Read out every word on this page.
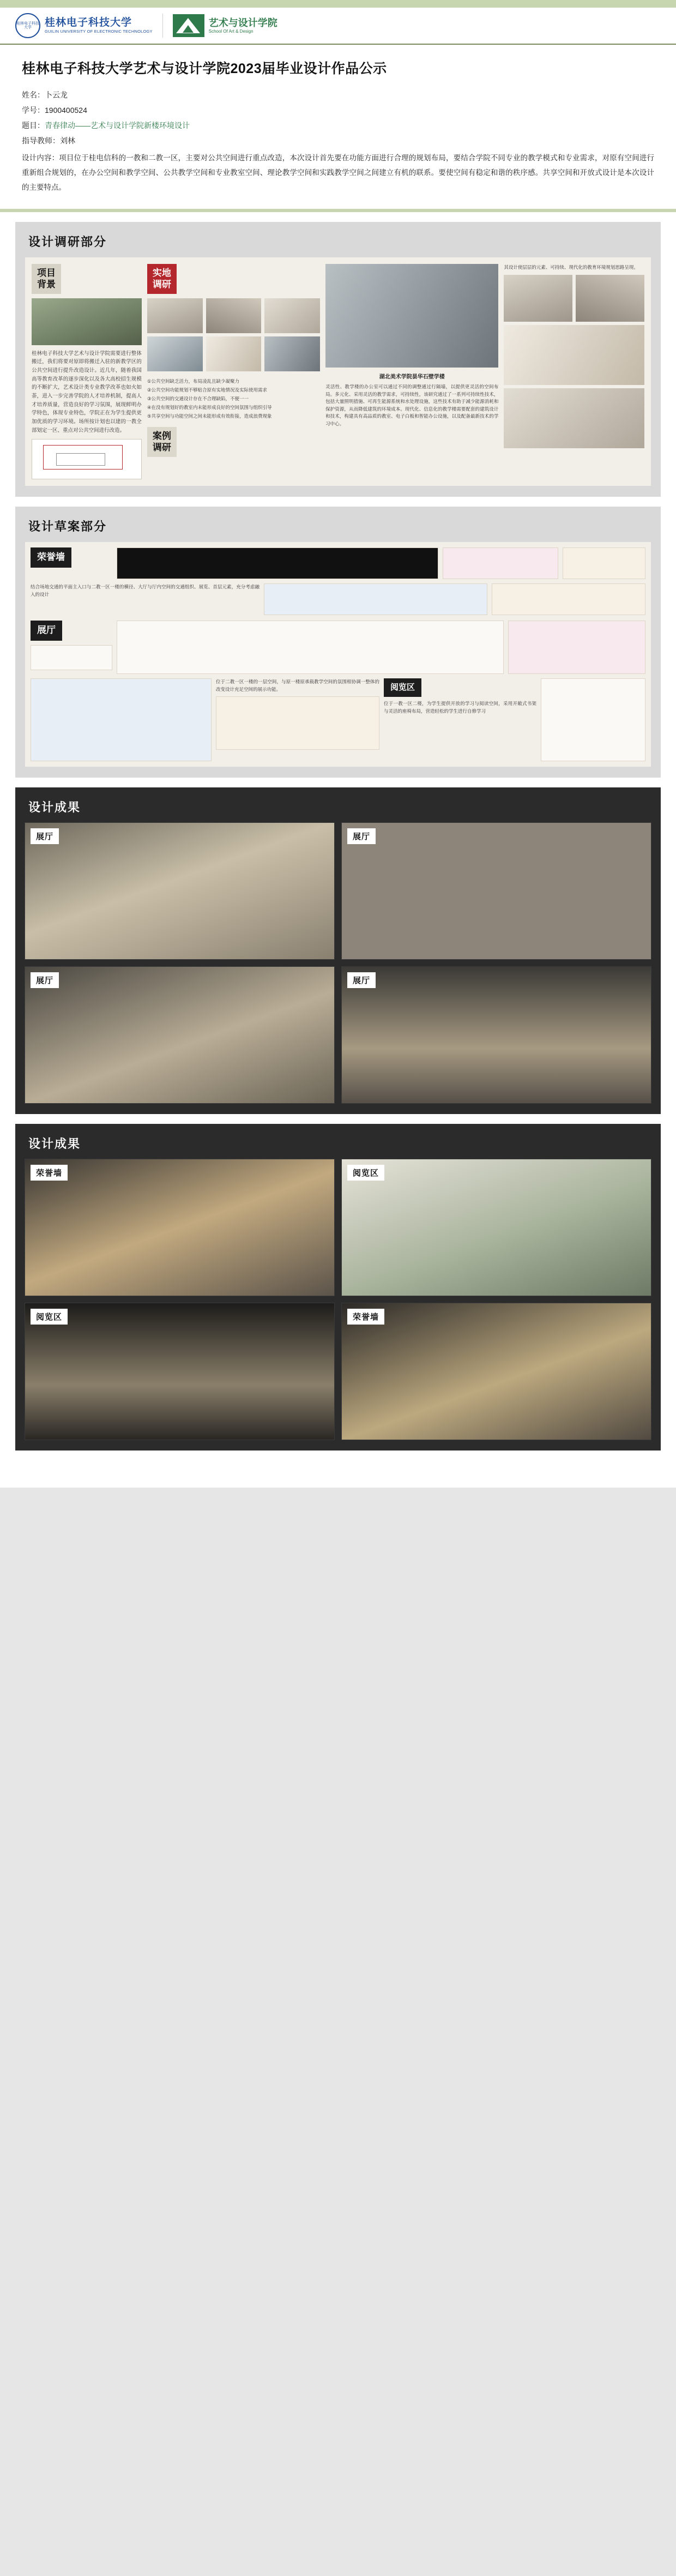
桂林电子科技大学	桂林电子科技大学
GUILIN UNIVERSITY OF ELECTRONIC TECHNOLOGY
艺术与设计学院
School Of Art & Design
桂林电子科技大学艺术与设计学院2023届毕业设计作品公示
姓名：卜云龙
学号：1900400524
题目：青春律动——艺术与设计学院新楼环境设计
指导教师：刘林
设计内容：项目位于桂电信科的一教和二教一区，主要对公共空间进行重点改造，本次设计首先要在功能方面进行合理的规划布局，要结合学院不同专业的教学模式和专业需求，对原有空间进行重新组合规划的，在办公空间和教学空间、公共教学空间和专业教室空间、理论教学空间和实践教学空间之间建立有机的联系。要使空间有稳定和谐的秩序感。共享空间和开放式设计是本次设计的主要特点。
设计调研部分
项目
背景
桂林电子科技大学艺术与设计学院需要进行整体搬迁，我们将要对原即将搬迁入驻的新教学区的公共空间进行提升改造设计。近几年，随着我国高等教育改革的逐步深化以及各大高校招生规模的不断扩大，艺术设计类专业教学改革也如火如荼，进入一步完善学院的人才培养机制，提高人才培养质量，营造良好的学习氛围，展现鲜明办学特色，体现专业特色，学院正在为学生提供更加优质的学习环境。场所按计划也以建的一教全部划定一区、重点对公共空间进行改造。
实地
调研
①公共空间缺乏活力，布局凌乱且缺少凝聚力
②公共空间功能规划不够贴合原有实地情况及实际使用需求
③公共空间的交通设计存在不合理缺陷，不便一一
④在没有规划好的教室内未能形成良好的空间氛围与组织引导
⑤共享空间与功能空间之间未能形成有效衔接，造成浪费现象
案例
调研
湖北美术学院昙华石壁学楼
灵活性、教学楼的办公室可以通过不同的调整通过行隔墙，以提供更灵活的空间布局。多元化、采用灵活的教学需求，可持续性，该研究通过了一系列可持续性技术，包括大量照明措施、可再生能源系统和水处理设施，这些技术有助于减少能源消耗和保护资源，从而降低建筑的环境成本。现代化、信息化的教学楼需要配套的建筑设计和技术，构建具有高品质的教室、电子白板和智能办公设施，以及配备最新技术的学习中心。
其设计使层层的元素、可持续、现代化的教育环境规划思路呈现。
设计草案部分
荣誉墙
结合场地交通的平面主入口与二教一区一楼的横径、大厅与厅内空间的交通组织、展览、首层元素，充分考虑融入的设计
展厅
位于二教一区一楼的一层空间，与原一楼原承载教学空间的氛围相协调一整体的改变设计充足空间的展示功能。	阅览区
位于一教一区二楼，为学生提供开放的学习与阅读空间，采用开敞式书架与灵活的座椅布局，营造轻松的学生进行自修学习
设计成果
展厅	展厅
展厅	展厅
设计成果
荣誉墙	阅览区
阅览区	荣誉墙
